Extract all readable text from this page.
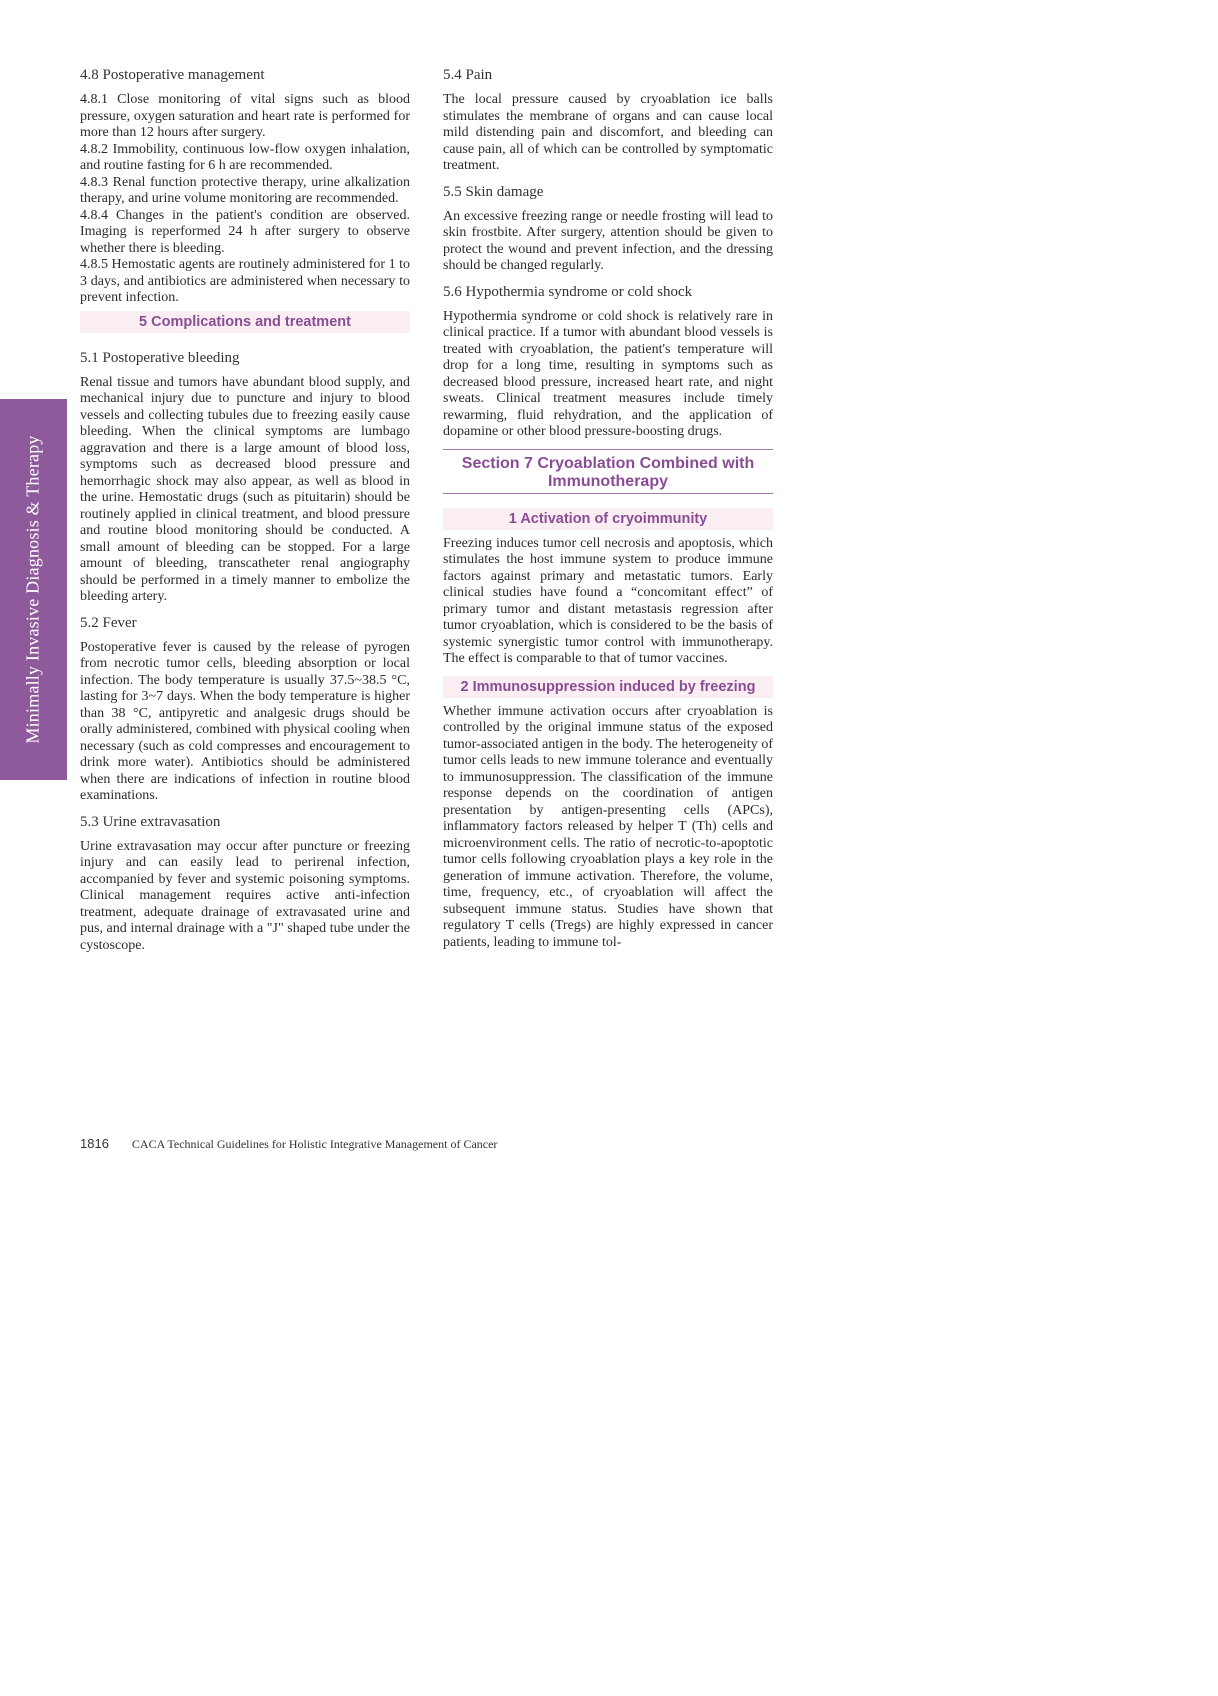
Minimally Invasive Diagnosis & Therapy
4.8 Postoperative management
4.8.1 Close monitoring of vital signs such as blood pressure, oxygen saturation and heart rate is performed for more than 12 hours after surgery.
4.8.2 Immobility, continuous low-flow oxygen inhalation, and routine fasting for 6 h are recommended.
4.8.3 Renal function protective therapy, urine alkalization therapy, and urine volume monitoring are recommended.
4.8.4 Changes in the patient's condition are observed. Imaging is reperformed 24 h after surgery to observe whether there is bleeding.
4.8.5 Hemostatic agents are routinely administered for 1 to 3 days, and antibiotics are administered when necessary to prevent infection.
5 Complications and treatment
5.1 Postoperative bleeding
Renal tissue and tumors have abundant blood supply, and mechanical injury due to puncture and injury to blood vessels and collecting tubules due to freezing easily cause bleeding. When the clinical symptoms are lumbago aggravation and there is a large amount of blood loss, symptoms such as decreased blood pressure and hemorrhagic shock may also appear, as well as blood in the urine. Hemostatic drugs (such as pituitarin) should be routinely applied in clinical treatment, and blood pressure and routine blood monitoring should be conducted. A small amount of bleeding can be stopped. For a large amount of bleeding, transcatheter renal angiography should be performed in a timely manner to embolize the bleeding artery.
5.2 Fever
Postoperative fever is caused by the release of pyrogen from necrotic tumor cells, bleeding absorption or local infection. The body temperature is usually 37.5~38.5 °C, lasting for 3~7 days. When the body temperature is higher than 38 °C, antipyretic and analgesic drugs should be orally administered, combined with physical cooling when necessary (such as cold compresses and encouragement to drink more water). Antibiotics should be administered when there are indications of infection in routine blood examinations.
5.3 Urine extravasation
Urine extravasation may occur after puncture or freezing injury and can easily lead to perirenal infection, accompanied by fever and systemic poisoning symptoms. Clinical management requires active anti-infection treatment, adequate drainage of extravasated urine and pus, and internal drainage with a "J" shaped tube under the cystoscope.
5.4 Pain
The local pressure caused by cryoablation ice balls stimulates the membrane of organs and can cause local mild distending pain and discomfort, and bleeding can cause pain, all of which can be controlled by symptomatic treatment.
5.5 Skin damage
An excessive freezing range or needle frosting will lead to skin frostbite. After surgery, attention should be given to protect the wound and prevent infection, and the dressing should be changed regularly.
5.6 Hypothermia syndrome or cold shock
Hypothermia syndrome or cold shock is relatively rare in clinical practice. If a tumor with abundant blood vessels is treated with cryoablation, the patient's temperature will drop for a long time, resulting in symptoms such as decreased blood pressure, increased heart rate, and night sweats. Clinical treatment measures include timely rewarming, fluid rehydration, and the application of dopamine or other blood pressure-boosting drugs.
Section 7 Cryoablation Combined with
Immunotherapy
1 Activation of cryoimmunity
Freezing induces tumor cell necrosis and apoptosis, which stimulates the host immune system to produce immune factors against primary and metastatic tumors. Early clinical studies have found a “concomitant effect” of primary tumor and distant metastasis regression after tumor cryoablation, which is considered to be the basis of systemic synergistic tumor control with immunotherapy. The effect is comparable to that of tumor vaccines.
2 Immunosuppression induced by freezing
Whether immune activation occurs after cryoablation is controlled by the original immune status of the exposed tumor-associated antigen in the body. The heterogeneity of tumor cells leads to new immune tolerance and eventually to immunosuppression. The classification of the immune response depends on the coordination of antigen presentation by antigen-presenting cells (APCs), inflammatory factors released by helper T (Th) cells and microenvironment cells. The ratio of necrotic-to-apoptotic tumor cells following cryoablation plays a key role in the generation of immune activation. Therefore, the volume, time, frequency, etc., of cryoablation will affect the subsequent immune status. Studies have shown that regulatory T cells (Tregs) are highly expressed in cancer patients, leading to immune tol-
1816 CACA Technical Guidelines for Holistic Integrative Management of Cancer
